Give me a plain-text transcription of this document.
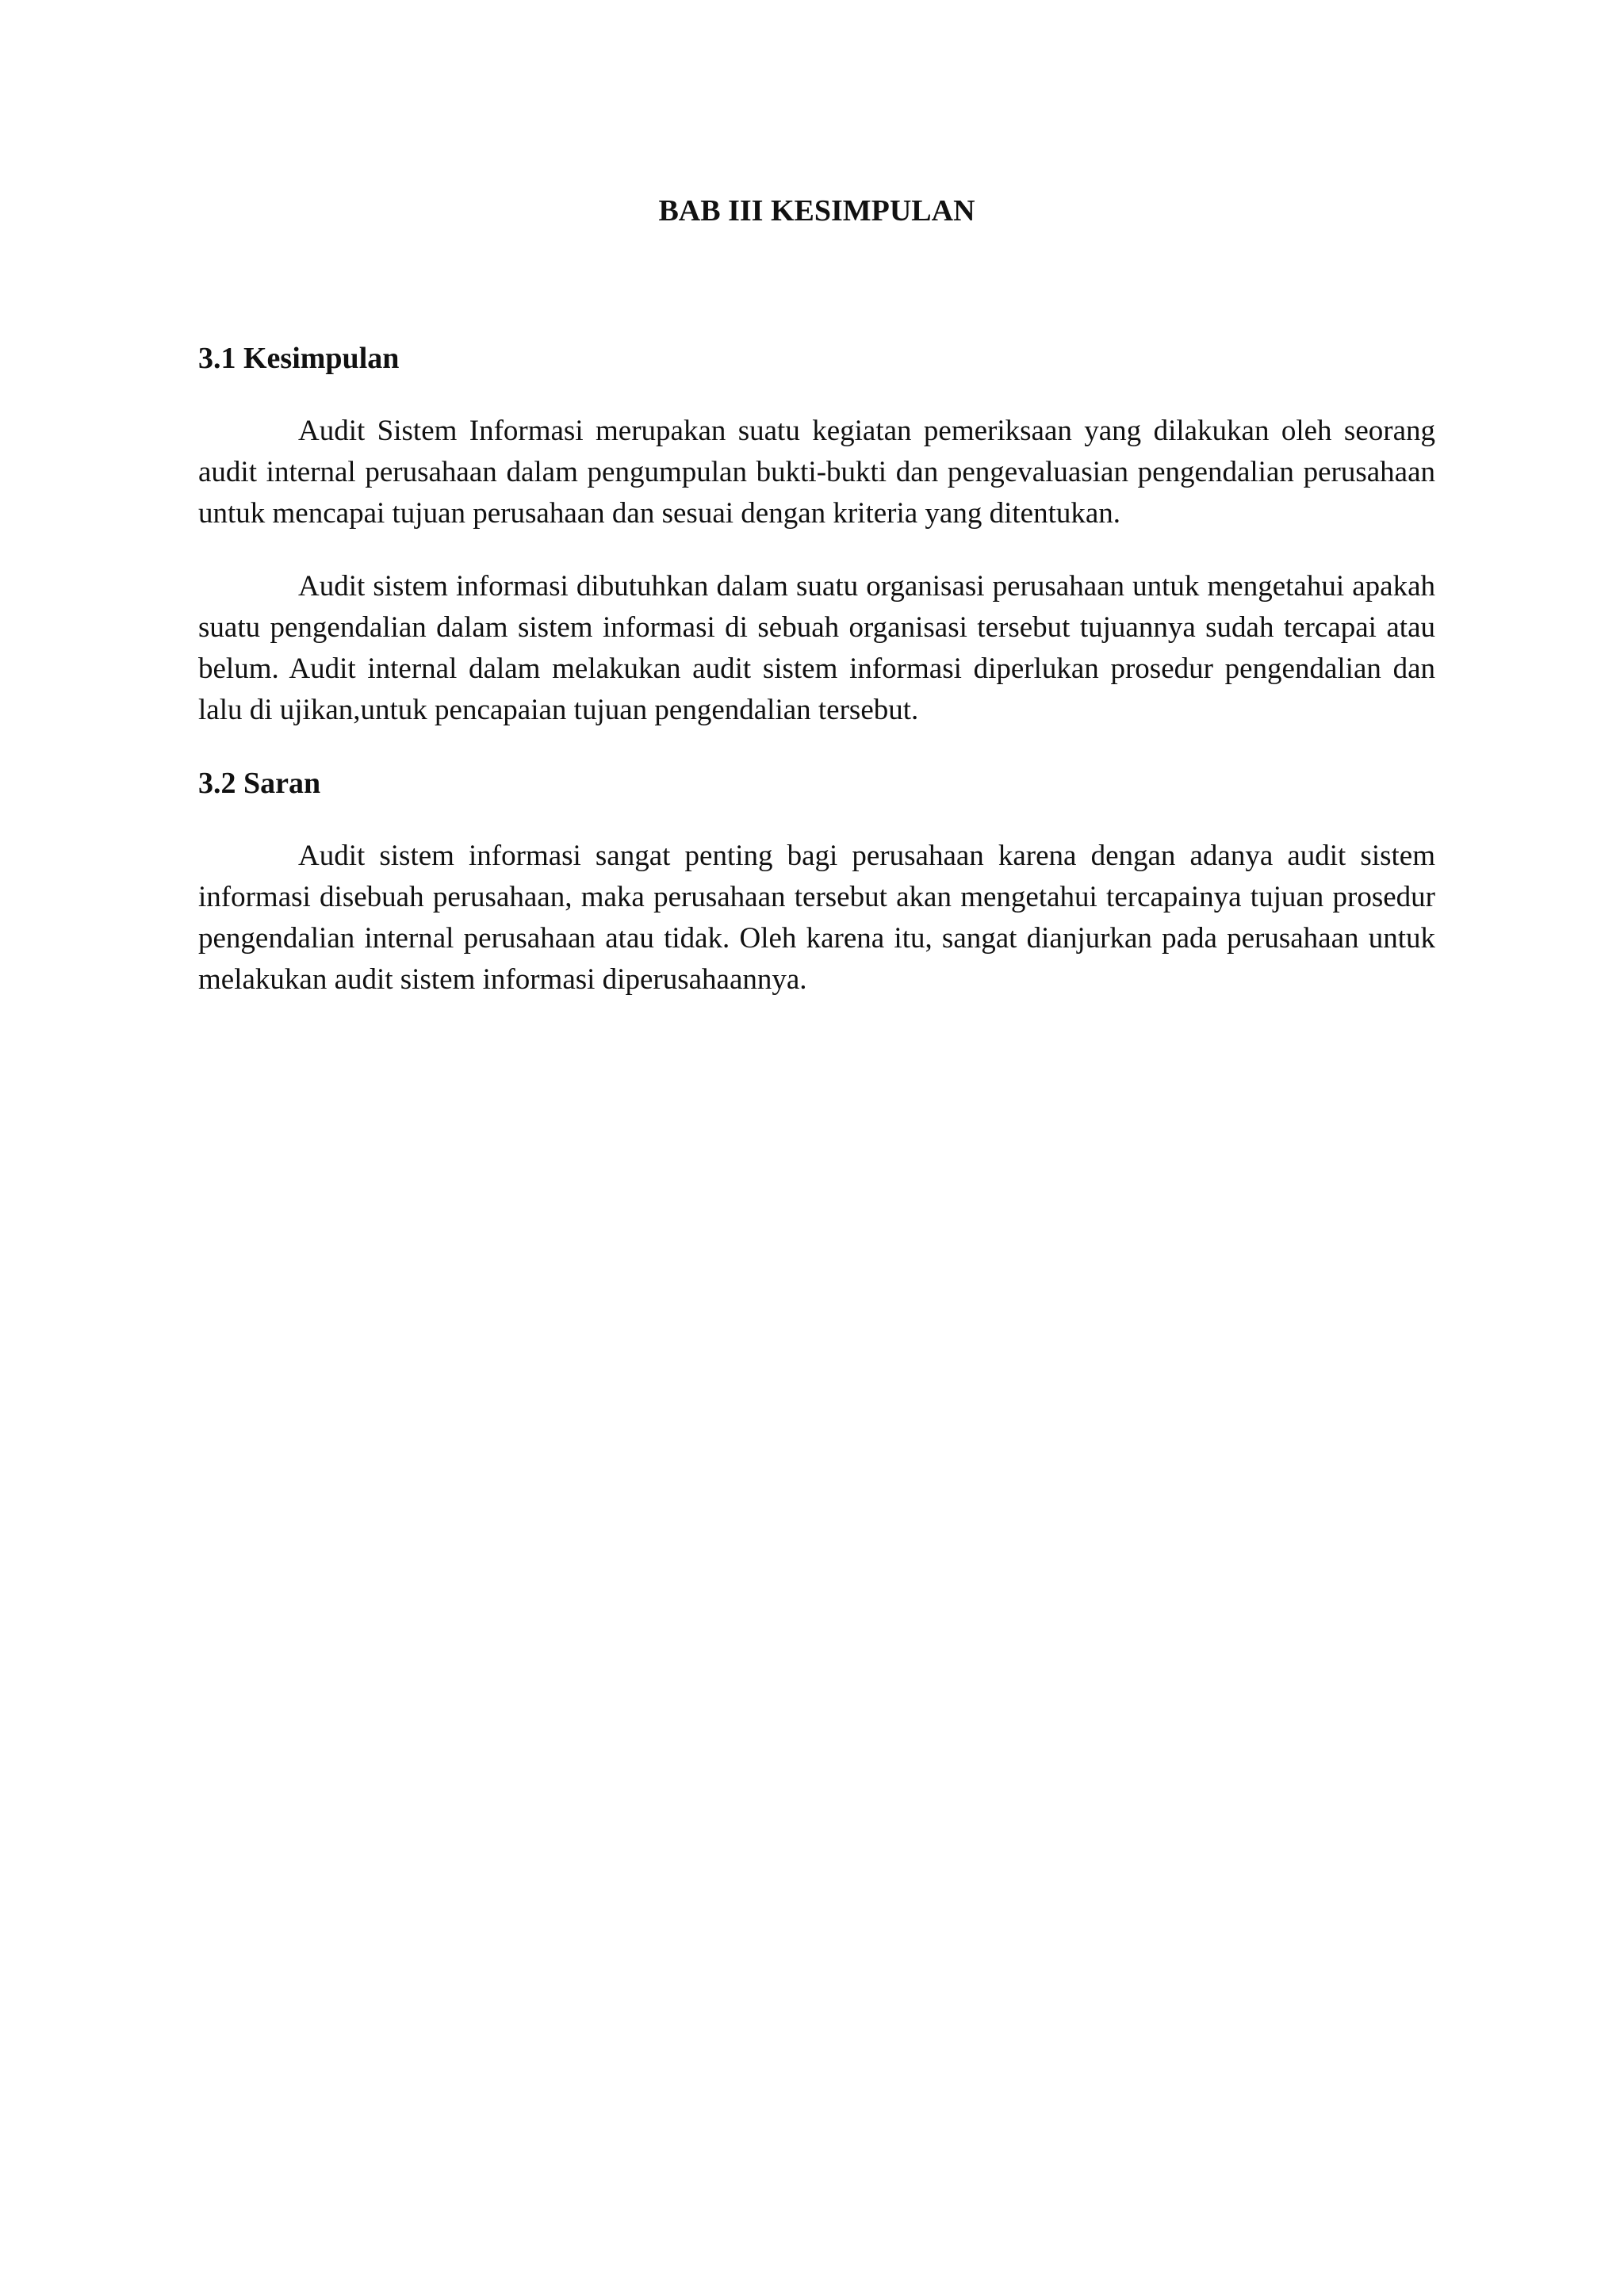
BAB III KESIMPULAN
3.1 Kesimpulan

Audit Sistem Informasi merupakan suatu kegiatan pemeriksaan yang dilakukan oleh seorang audit internal perusahaan dalam pengumpulan bukti-bukti dan pengevaluasian pengendalian perusahaan untuk mencapai tujuan perusahaan dan sesuai dengan kriteria yang ditentukan.

Audit sistem informasi dibutuhkan dalam suatu organisasi perusahaan untuk mengetahui apakah suatu pengendalian dalam sistem informasi di sebuah organisasi tersebut tujuannya sudah tercapai atau belum. Audit internal dalam melakukan audit sistem informasi diperlukan prosedur pengendalian dan lalu di ujikan,untuk pencapaian tujuan pengendalian tersebut.

3.2 Saran

Audit sistem informasi sangat penting bagi perusahaan karena dengan adanya audit sistem informasi disebuah perusahaan, maka perusahaan tersebut akan mengetahui tercapainya tujuan prosedur pengendalian internal perusahaan atau tidak. Oleh karena itu, sangat dianjurkan pada perusahaan untuk melakukan audit sistem informasi diperusahaannya.
